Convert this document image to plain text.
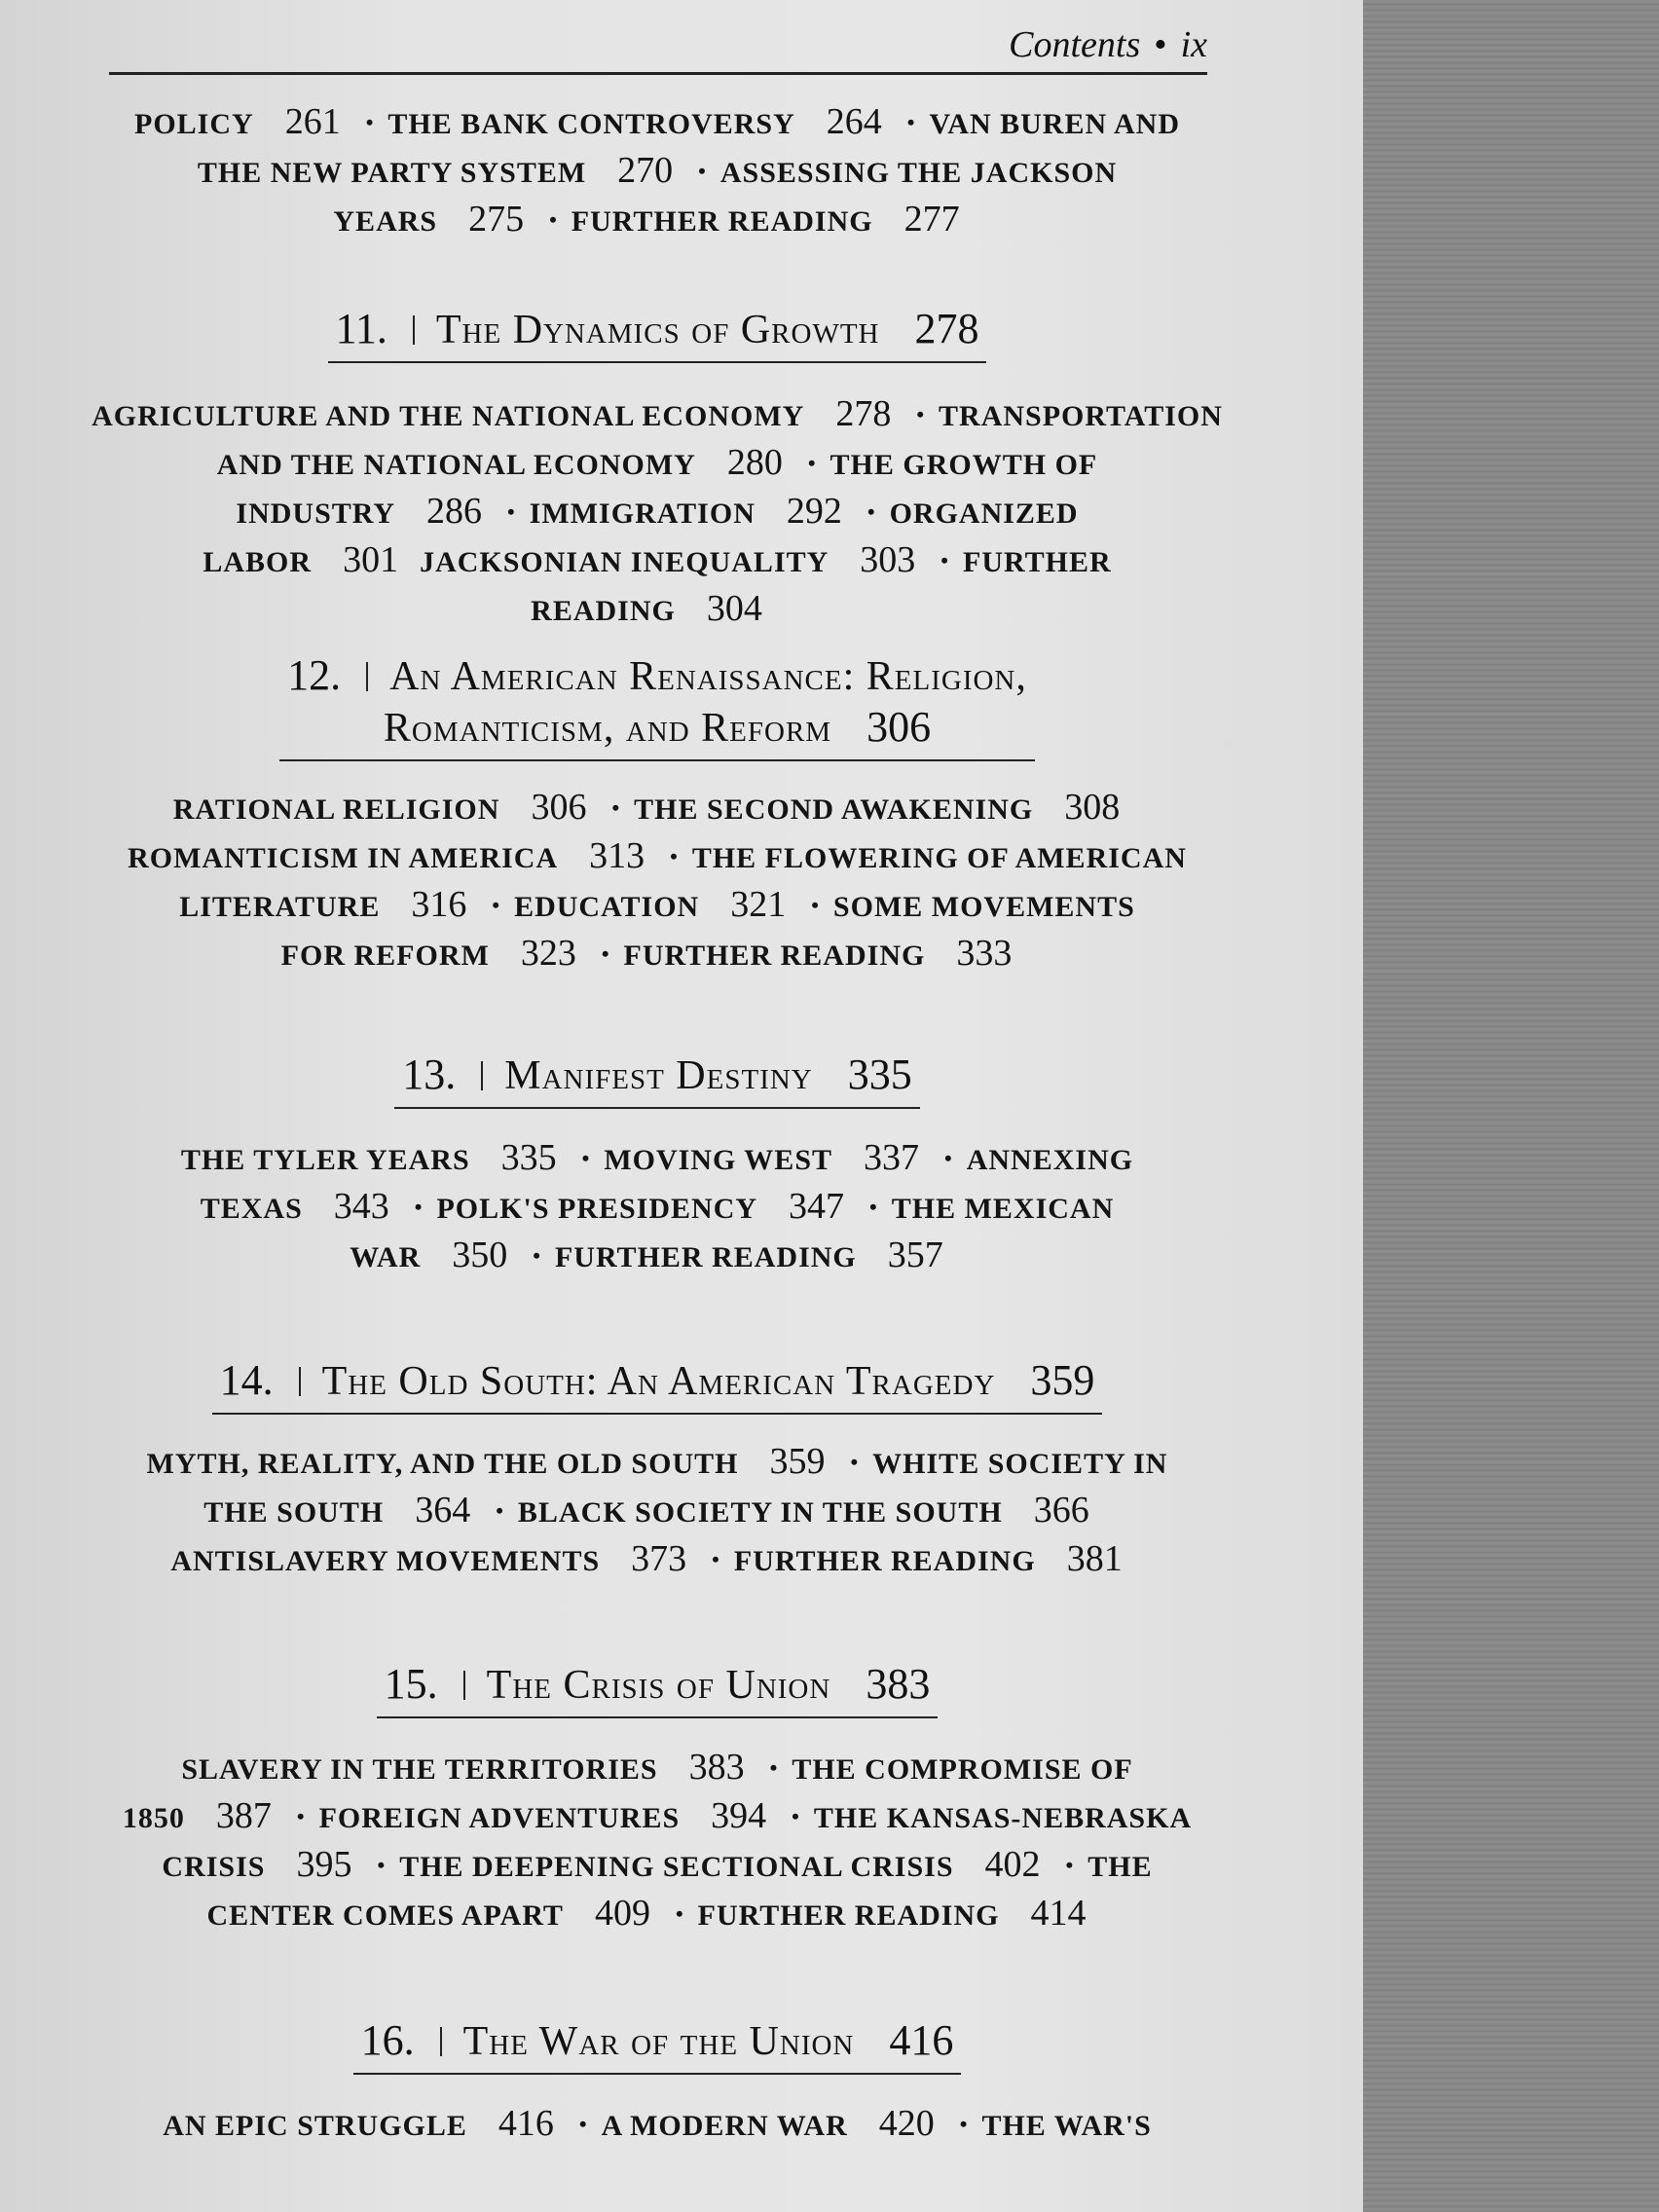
Contents • ix
POLICY 261 • THE BANK CONTROVERSY 264 • VAN BUREN AND
THE NEW PARTY SYSTEM 270 • ASSESSING THE JACKSON
YEARS 275 • FURTHER READING 277
11. The Dynamics of Growth 278
AGRICULTURE AND THE NATIONAL ECONOMY 278 • TRANSPORTATION
AND THE NATIONAL ECONOMY 280 • THE GROWTH OF
INDUSTRY 286 • IMMIGRATION 292 • ORGANIZED
LABOR 301 JACKSONIAN INEQUALITY 303 • FURTHER
READING 304
12. An American Renaissance: Religion,
Romanticism, and Reform 306
RATIONAL RELIGION 306 • THE SECOND AWAKENING 308
ROMANTICISM IN AMERICA 313 • THE FLOWERING OF AMERICAN
LITERATURE 316 • EDUCATION 321 • SOME MOVEMENTS
FOR REFORM 323 • FURTHER READING 333
13. Manifest Destiny 335
THE TYLER YEARS 335 • MOVING WEST 337 • ANNEXING
TEXAS 343 • POLK'S PRESIDENCY 347 • THE MEXICAN
WAR 350 • FURTHER READING 357
14. The Old South: An American Tragedy 359
MYTH, REALITY, AND THE OLD SOUTH 359 • WHITE SOCIETY IN
THE SOUTH 364 • BLACK SOCIETY IN THE SOUTH 366
ANTISLAVERY MOVEMENTS 373 • FURTHER READING 381
15. The Crisis of Union 383
SLAVERY IN THE TERRITORIES 383 • THE COMPROMISE OF
1850 387 • FOREIGN ADVENTURES 394 • THE KANSAS-NEBRASKA
CRISIS 395 • THE DEEPENING SECTIONAL CRISIS 402 • THE
CENTER COMES APART 409 • FURTHER READING 414
16. The War of the Union 416
AN EPIC STRUGGLE 416 • A MODERN WAR 420 • THE WAR'S
